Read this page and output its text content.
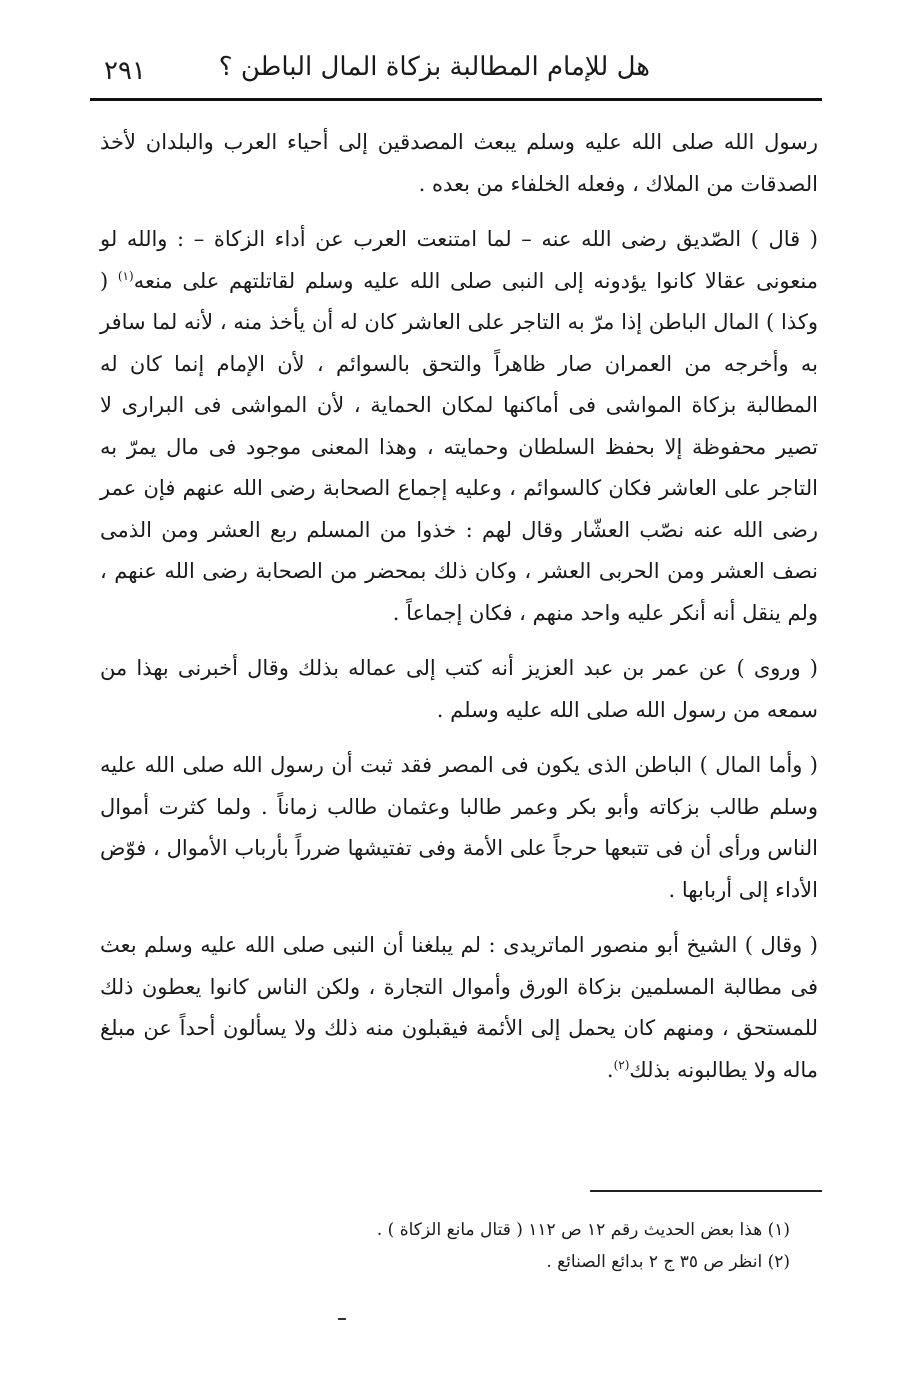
٢٩١	هل للإمام المطالبة بزكاة المال الباطن ؟

رسول الله صلى الله عليه وسلم يبعث المصدقين إلى أحياء العرب والبلدان لأخذ الصدقات من الملاك ، وفعله الخلفاء من بعده .

( قال ) الصّديق رضى الله عنه – لما امتنعت العرب عن أداء الزكاة – : والله لو منعونى عقالا كانوا يؤدونه إلى النبى صلى الله عليه وسلم لقاتلتهم على منعه$^{(١)}$ ( وكذا ) المال الباطن إذا مرّ به التاجر على العاشر كان له أن يأخذ منه ، لأنه لما سافر به وأخرجه من العمران صار ظاهراً والتحق بالسوائم ، لأن الإمام إنما كان له المطالبة بزكاة المواشى فى أماكنها لمكان الحماية ، لأن المواشى فى البرارى لا تصير محفوظة إلا بحفظ السلطان وحمايته ، وهذا المعنى موجود فى مال يمرّ به التاجر على العاشر فكان كالسوائم ، وعليه إجماع الصحابة رضى الله عنهم فإن عمر رضى الله عنه نصّب العشّار وقال لهم : خذوا من المسلم ربع العشر ومن الذمى نصف العشر ومن الحربى العشر ، وكان ذلك بمحضر من الصحابة رضى الله عنهم ، ولم ينقل أنه أنكر عليه واحد منهم ، فكان إجماعاً .

( وروى ) عن عمر بن عبد العزيز أنه كتب إلى عماله بذلك وقال أخبرنى بهذا من سمعه من رسول الله صلى الله عليه وسلم .

( وأما المال ) الباطن الذى يكون فى المصر فقد ثبت أن رسول الله صلى الله عليه وسلم طالب بزكاته وأبو بكر وعمر طالبا وعثمان طالب زماناً . ولما كثرت أموال الناس ورأى أن فى تتبعها حرجاً على الأمة وفى تفتيشها ضرراً بأرباب الأموال ، فوّض الأداء إلى أربابها .

( وقال ) الشيخ أبو منصور الماتريدى : لم يبلغنا أن النبى صلى الله عليه وسلم بعث فى مطالبة المسلمين بزكاة الورق وأموال التجارة ، ولكن الناس كانوا يعطون ذلك للمستحق ، ومنهم كان يحمل إلى الأئمة فيقبلون منه ذلك ولا يسألون أحداً عن مبلغ ماله ولا يطالبونه بذلك$^{(٢)}$.

(١) هذا بعض الحديث رقم ١٢ ص ١١٢ ( قتال مانع الزكاة ) .

(٢) انظر ص ٣٥ ج ٢ بدائع الصنائع .
